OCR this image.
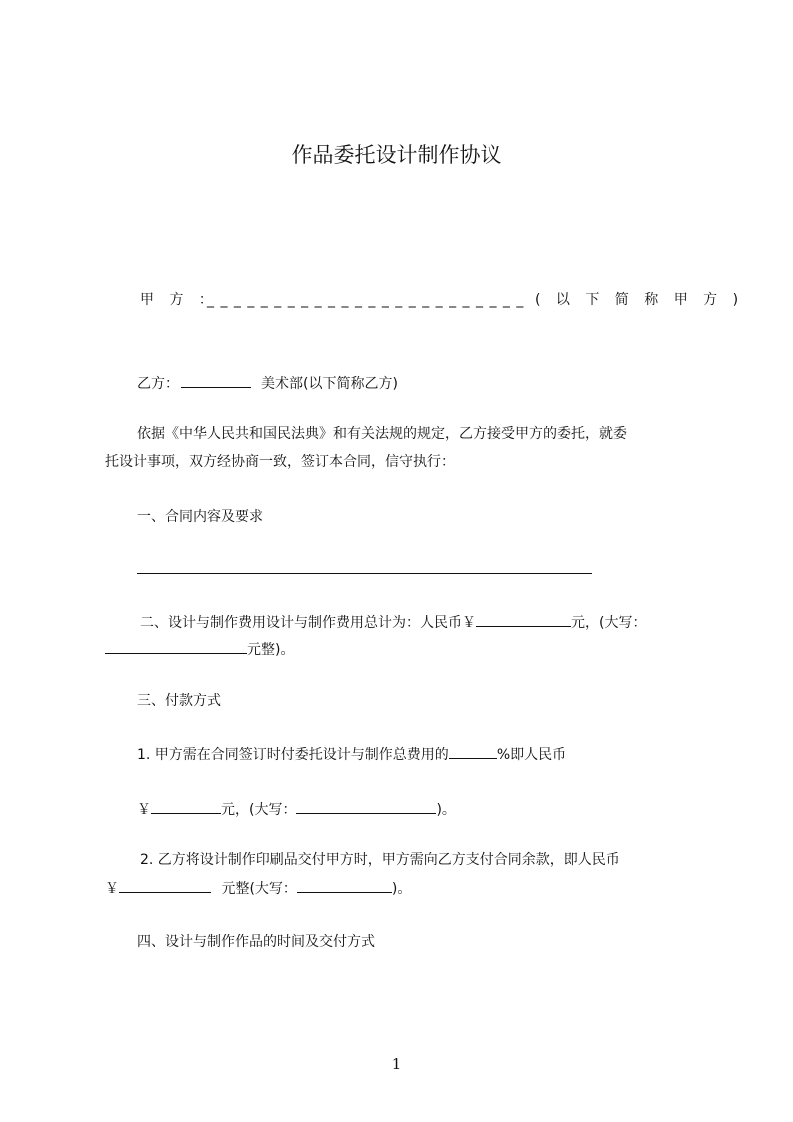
作品委托设计制作协议
甲 方 ：
_ _ _ _ _ _ _ _ _ _ _ _ _ _ _ _ _ _ _ _ _ _ _ _ ( 以 下 简 称 甲 方 )
乙方：	美术部(以下简称乙方)
依据《中华人民共和国民法典》和有关法规的规定，乙方接受甲方的委托，就委
托设计事项，双方经协商一致，签订本合同，信守执行：
一、合同内容及要求
二、设计与制作费用设计与制作费用总计为：人民币￥	元，(大写：
元整)。
三、付款方式
1. 甲方需在合同签订时付委托设计与制作总费用的	%即人民币
￥	元，(大写：	)。
2. 乙方将设计制作印刷品交付甲方时，甲方需向乙方支付合同余款，即人民币
￥	元整(大写：	)。
四、设计与制作作品的时间及交付方式
1
